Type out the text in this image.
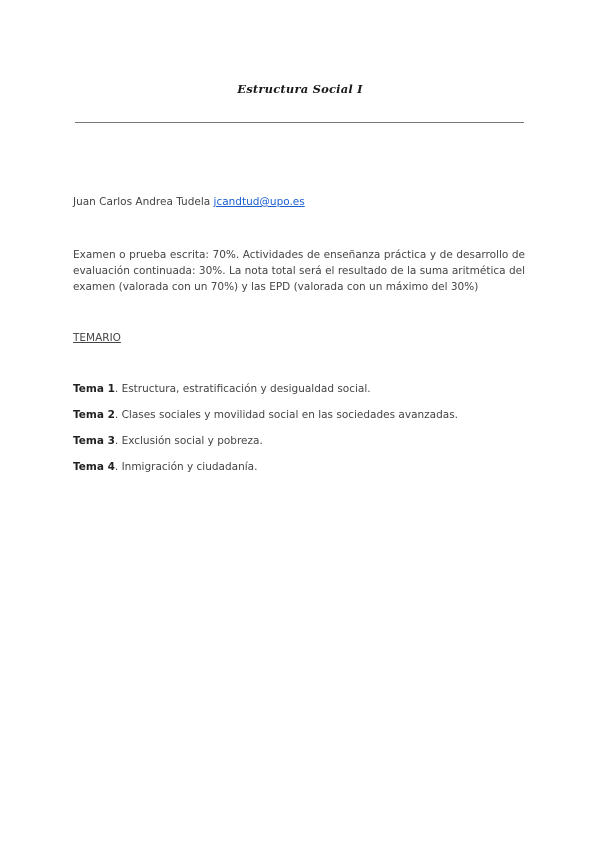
Estructura Social I
Juan Carlos Andrea Tudela jcandtud@upo.es
Examen o prueba escrita: 70%. Actividades de enseñanza práctica y de desarrollo de evaluación continuada: 30%. La nota total será el resultado de la suma aritmética del examen (valorada con un 70%) y las EPD (valorada con un máximo del 30%)
TEMARIO
Tema 1. Estructura, estratificación y desigualdad social.
Tema 2. Clases sociales y movilidad social en las sociedades avanzadas.
Tema 3. Exclusión social y pobreza.
Tema 4. Inmigración y ciudadanía.
